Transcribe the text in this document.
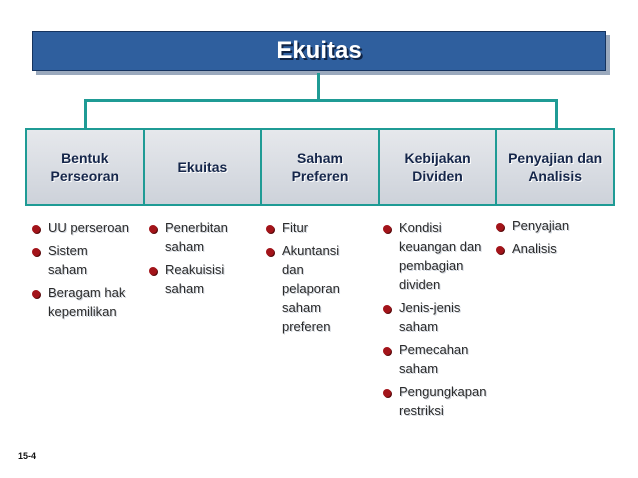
Ekuitas
Bentuk
Perseoran
Ekuitas
Saham
Preferen
Kebijakan
Dividen
Penyajian dan
Analisis
UU perseroan
Sistem
saham
Beragam hak
kepemilikan
Penerbitan
saham
Reakuisisi
saham
Fitur
Akuntansi
dan
pelaporan
saham
preferen
Kondisi
keuangan dan
pembagian
dividen
Jenis-jenis
saham
Pemecahan
saham
Pengungkapan
restriksi
Penyajian
Analisis
15-4
